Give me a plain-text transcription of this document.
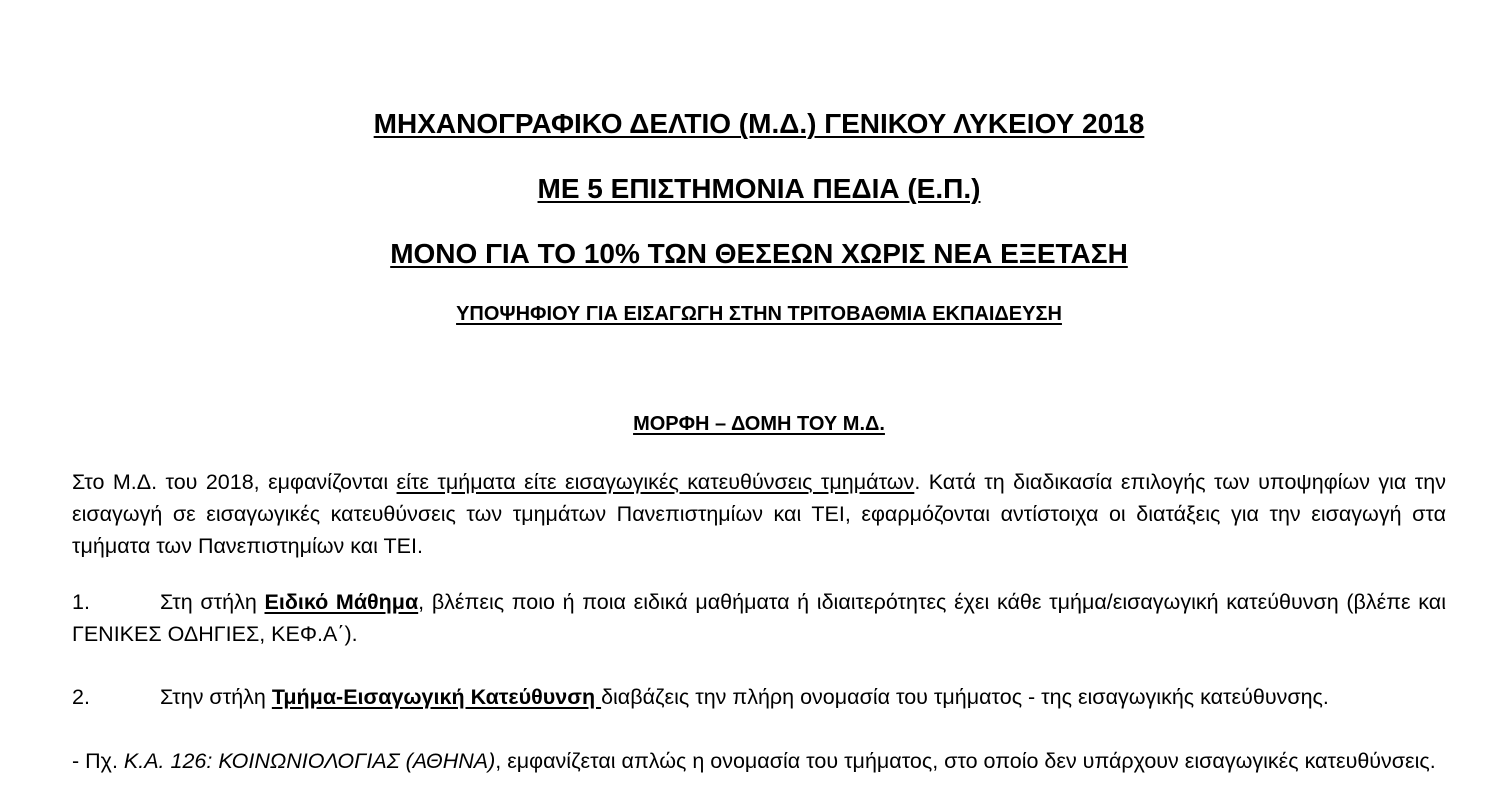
ΜΗΧΑΝΟΓΡΑΦΙΚΟ ΔΕΛΤΙΟ (Μ.Δ.) ΓΕΝΙΚΟΥ ΛΥΚΕΙΟΥ 2018
ΜΕ 5 ΕΠΙΣΤΗΜΟΝΙΑ ΠΕΔΙΑ (Ε.Π.)
ΜΟΝΟ ΓΙΑ ΤΟ 10% ΤΩΝ ΘΕΣΕΩΝ ΧΩΡΙΣ ΝΕΑ ΕΞΕΤΑΣΗ
ΥΠΟΨΗΦΙΟΥ ΓΙΑ ΕΙΣΑΓΩΓΗ ΣΤΗΝ ΤΡΙΤΟΒΑΘΜΙΑ ΕΚΠΑΙΔΕΥΣΗ
ΜΟΡΦΗ – ΔΟΜΗ ΤΟΥ Μ.Δ.

Στο Μ.Δ. του 2018, εμφανίζονται είτε τμήματα είτε εισαγωγικές κατευθύνσεις τμημάτων. Κατά τη διαδικασία επιλογής των υποψηφίων για την εισαγωγή σε εισαγωγικές κατευθύνσεις των τμημάτων Πανεπιστημίων και ΤΕΙ, εφαρμόζονται αντίστοιχα οι διατάξεις για την εισαγωγή στα τμήματα των Πανεπιστημίων και ΤΕΙ.

1.	Στη στήλη Ειδικό Μάθημα, βλέπεις ποιο ή ποια ειδικά μαθήματα ή ιδιαιτερότητες έχει κάθε τμήμα/εισαγωγική κατεύθυνση (βλέπε και ΓΕΝΙΚΕΣ ΟΔΗΓΙΕΣ, ΚΕΦ.Α΄).

2.	Στην στήλη Τμήμα-Εισαγωγική Κατεύθυνση διαβάζεις την πλήρη ονομασία του τμήματος - της εισαγωγικής κατεύθυνσης.

- Πχ. Κ.Α. 126: ΚΟΙΝΩΝΙΟΛΟΓΙΑΣ (ΑΘΗΝΑ), εμφανίζεται απλώς η ονομασία του τμήματος, στο οποίο δεν υπάρχουν εισαγωγικές κατευθύνσεις.
